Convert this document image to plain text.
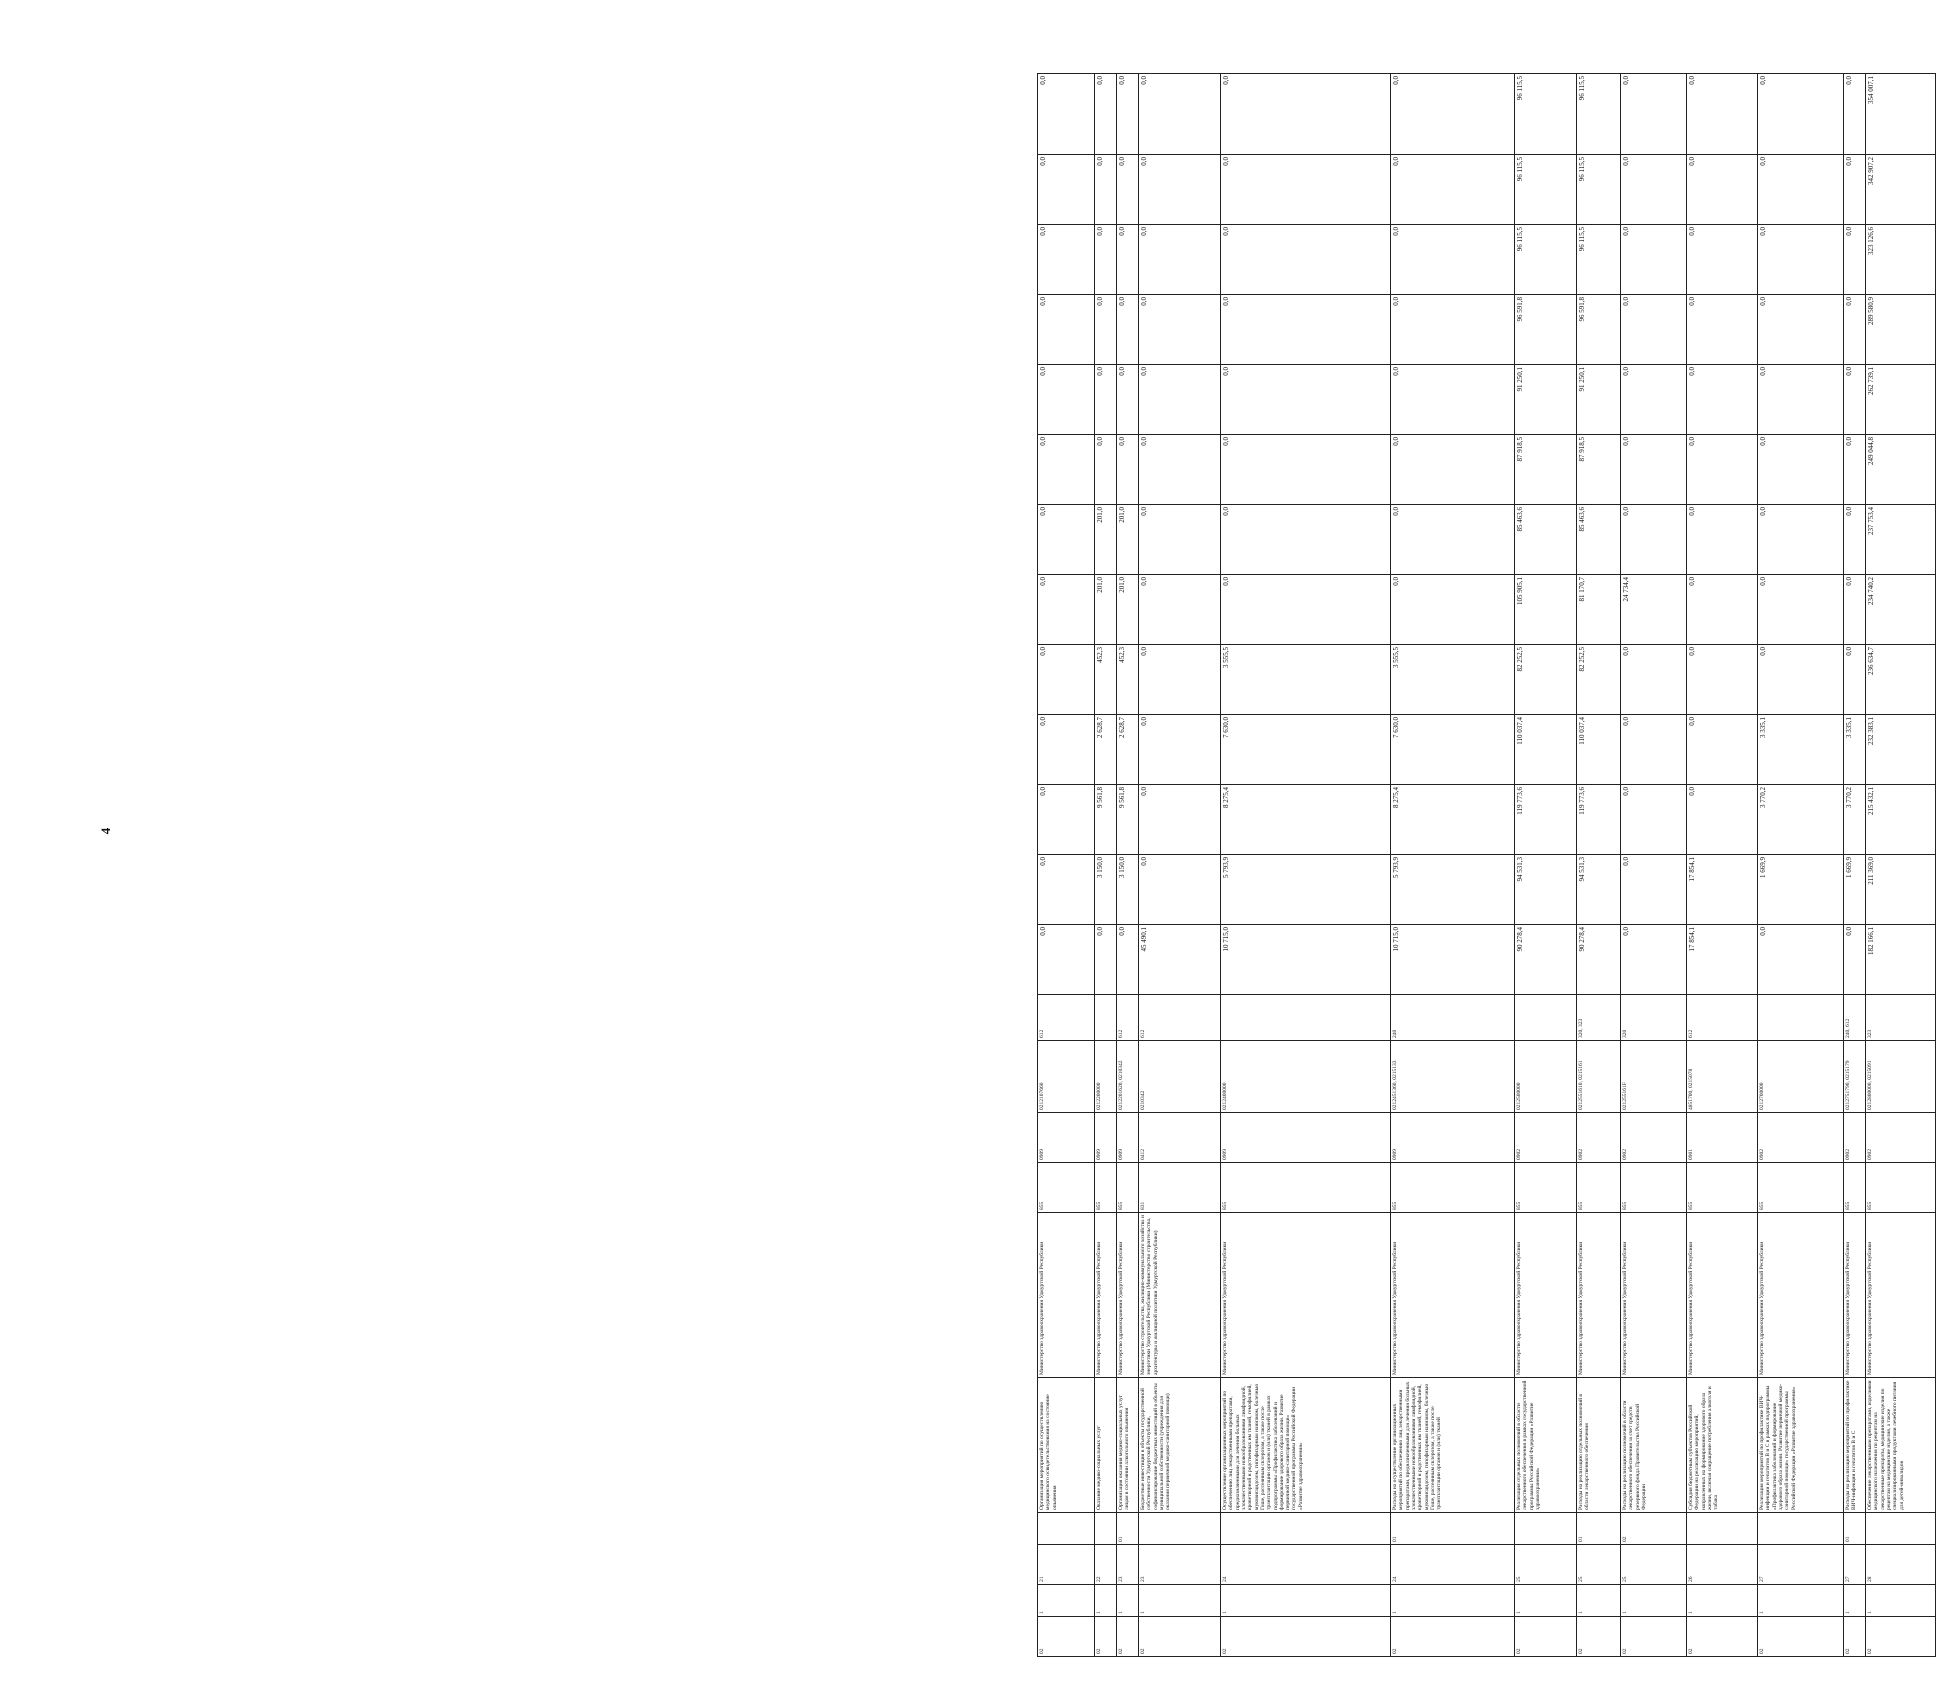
4
02	1	21		Организация мероприятий по осуществлению медицинского освидетельствования на состояние опьянения	Министерство здравоохранения Удмуртской Республики	855	0909	0212107660	612	0,0	0,0	0,0	0,0	0,0	0,0	0,0	0,0	0,0	0,0	0,0	0,0	0,0
02	1	22		Оказание медико-социальных услуг	Министерство здравоохранения Удмуртской Республики	855	0909	0212200000		0,0	3 150,0	9 561,8	2 628,7	452,3	201,0	201,0	0,0	0,0	0,0	0,0	0,0	0,0
02	1	23	01	Организация оказания медико-социальных услуг лицам в состоянии алкогольного опьянения	Министерство здравоохранения Удмуртской Республики	855	0909	0212201620, 0210342	612	0,0	3 150,0	9 561,8	2 628,7	452,3	201,0	201,0	0,0	0,0	0,0	0,0	0,0	0,0
02	1	23		Бюджетные инвестиции в объекты государственной собственности Удмуртской Республики, софинансирование бюджетных инвестиций в объекты муниципальной собственности (учреждения для оказания первичной медико-санитарной помощи)	Министерство строительства, жилищно-коммунального хозяйства и энергетики Удмуртской Республики (Министерство строительства, архитектуры и жилищной политики Удмуртской Республики)	831	0412	0210342	612	45 490,1	0,0	0,0	0,0	0,0	0,0	0,0	0,0	0,0	0,0	0,0	0,0	0,0
02	1	24		Осуществление организационных мероприятий по обеспечению лиц лекарственными препаратами, предназначенными для лечения больных злокачественными новообразованиями лимфоидной, кроветворной и родственных им тканей, гемофилией, муковисцидозом, гипофизарным нанизмом, болезнью Гоше, рассеянным склерозом, а также после трансплантации органов и (или) тканей в рамках подпрограммы «Профилактика заболеваний и формирование здорового образа жизни. Развитие первичной медико-санитарной помощи» государственной программы Российской Федерации «Развитие здравоохранения»	Министерство здравоохранения Удмуртской Республики	855	0909	0212400000		10 715,0	5 793,9	8 275,4	7 630,0	3 555,5	0,0	0,0	0,0	0,0	0,0	0,0	0,0	0,0
02	1	24	01	Расходы на осуществление организационных мероприятий по обеспечению лиц лекарственными препаратами, предназначенными для лечения больных злокачественными новообразованиями лимфоидной, кроветворной и родственных им тканей, гемофилией, муковисцидозом, гипофизарным нанизмом, болезнью Гоше, рассеянным склерозом, а также после трансплантации органов и (или) тканей	Министерство здравоохранения Удмуртской Республики	855	0909	0212451360, 0215133	240	10 715,0	5 793,9	8 275,4	7 630,0	3 555,5	0,0	0,0	0,0	0,0	0,0	0,0	0,0	0,0
02	1	25		Реализация отдельных полномочий в области лекарственного обеспечения в рамках государственной программы Российской Федерации «Развитие здравоохранения»	Министерство здравоохранения Удмуртской Республики	855	0902	0212500000		90 278,4	94 531,3	119 773,6	110 037,4	82 252,5	105 905,1	85 463,6	87 918,5	91 250,1	96 591,8	96 115,5	96 115,5	96 115,5
02	1	25	01	Расходы на реализацию отдельных полномочий в области лекарственного обеспечения	Министерство здравоохранения Удмуртской Республики	855	0902	0212551610, 0215161	320, 323	90 278,4	94 531,3	119 773,6	110 037,4	82 252,5	81 170,7	85 463,6	87 918,5	91 250,1	96 591,8	96 115,5	96 115,5	96 115,5
02	1	25	02	Расходы на реализацию полномочий в области лекарственного обеспечения за счет средств резервного фонда Правительства Российской Федерации	Министерство здравоохранения Удмуртской Республики	855	0902	021255161F	320	0,0	0,0	0,0	0,0	0,0	24 734,4	0,0	0,0	0,0	0,0	0,0	0,0	0,0
02	1	26		Субсидия бюджетным субъектов Российской Федерации на реализацию мероприятий, направленных на формирование здорового образа жизни, включая сокращение потребления алкоголя и табака	Министерство здравоохранения Удмуртской Республики	855	0901	4851700, 0215078	612	17 854,1	17 854,1	0,0	0,0	0,0	0,0	0,0	0,0	0,0	0,0	0,0	0,0	0,0
02	1	27		Реализация мероприятий по профилактике ВИЧ-инфекции и гепатитов В и С в рамках подпрограммы «Профилактика заболеваний и формирование здорового образа жизни. Развитие первичной медико-санитарной помощи» государственной программы Российской Федерации «Развитие здравоохранения»	Министерство здравоохранения Удмуртской Республики	855	0902	0212700000		0,0	1 669,9	3 770,2	3 335,1	0,0	0,0	0,0	0,0	0,0	0,0	0,0	0,0	0,0
02	1	27	01	Расходы на реализацию мероприятий по профилактике ВИЧ-инфекции и гепатитов В и С	Министерство здравоохранения Удмуртской Республики	855	0902	0212751790, 0215179	240, 612	0,0	1 669,9	3 770,2	3 335,1	0,0	0,0	0,0	0,0	0,0	0,0	0,0	0,0	0,0
02	1	28		Обеспечение лекарственными препаратами, изделиями медицинского назначения по рецептам на лекарственные препараты, медицинские изделия по рецептам на медицинские изделия, а также специализированными продуктами лечебного питания для детей-инвалидов	Министерство здравоохранения Удмуртской Республики	855	0902	0212800000, 0215091	323	182 166,1	211 369,0	215 432,1	232 383,1	236 634,7	234 740,2	237 753,4	249 044,8	262 739,1	289 580,9	323 126,6	342 907,2	354 007,1
